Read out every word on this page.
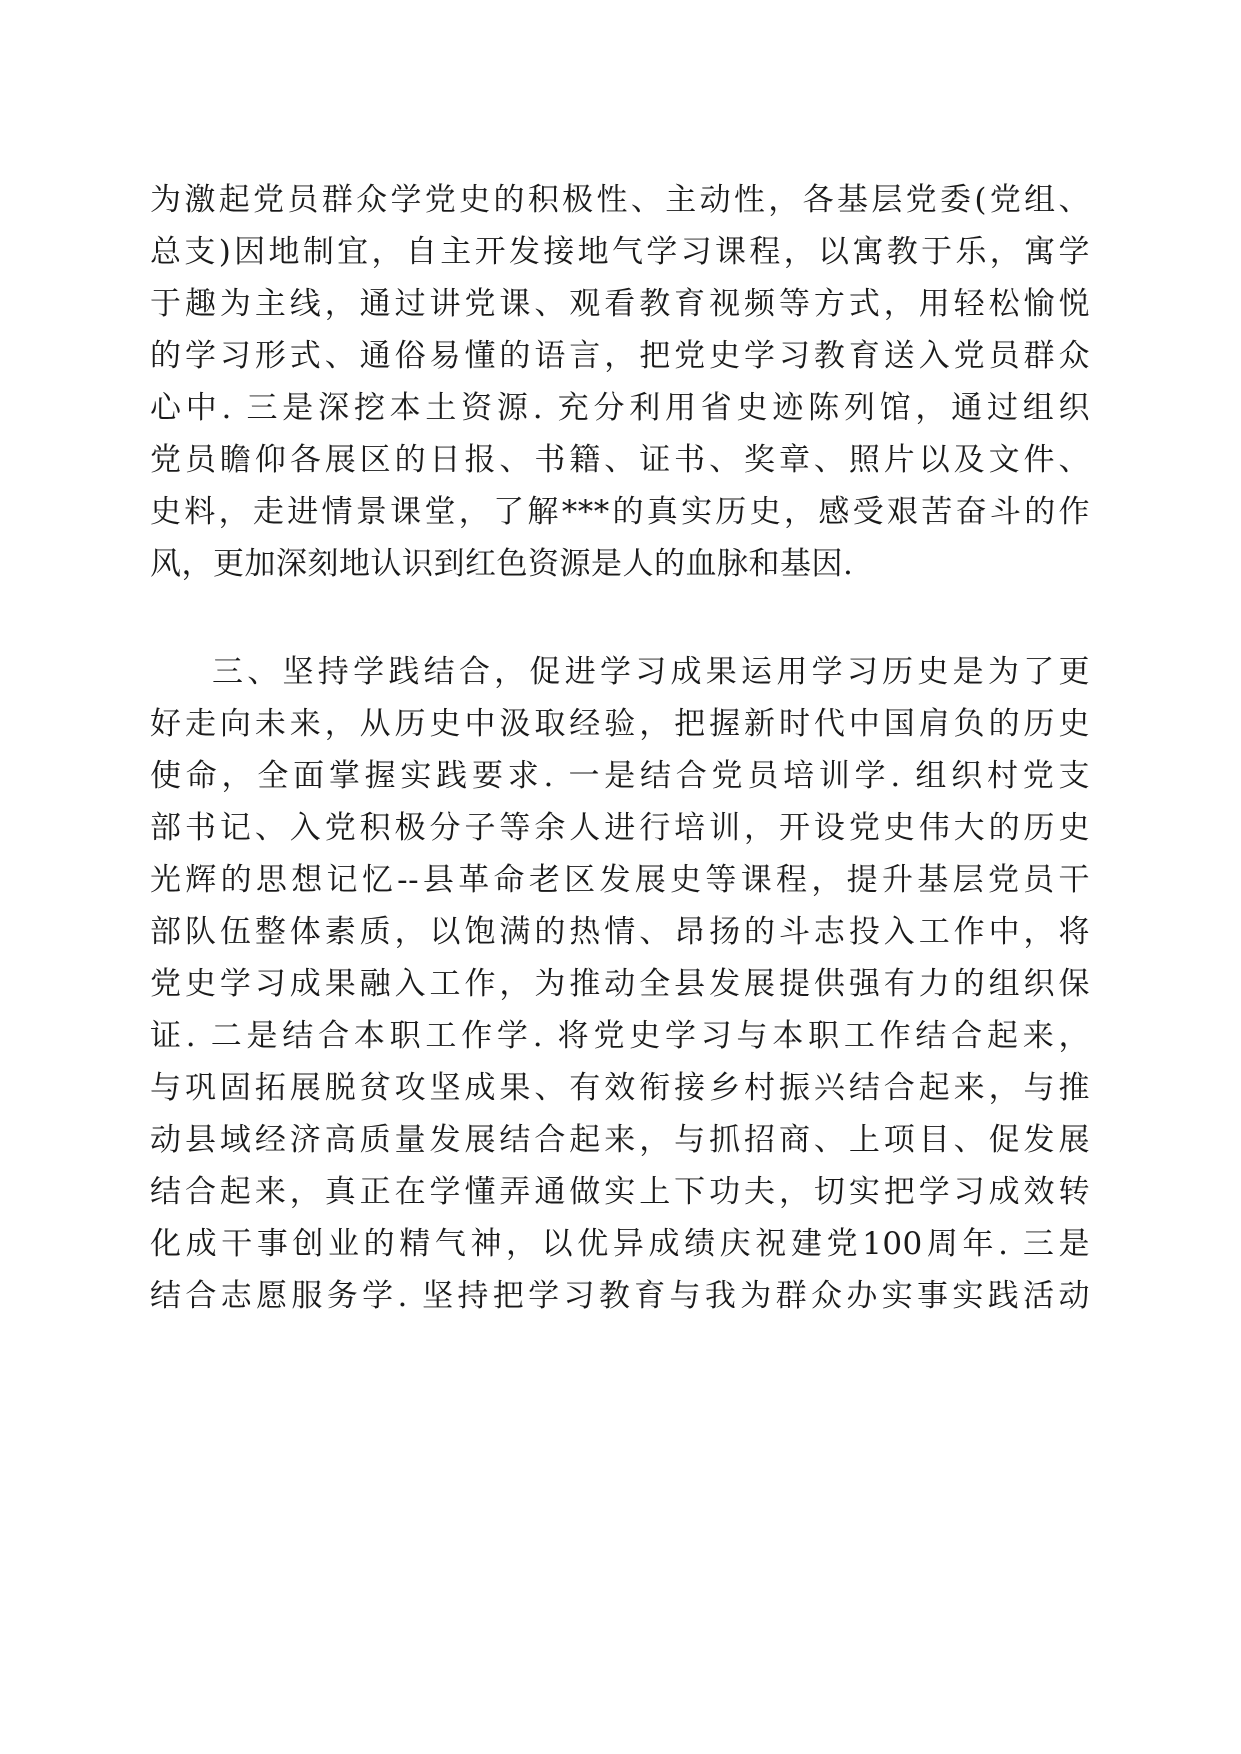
为激起党员群众学党史的积极性、主动性，各基层党委(党组、
总支)因地制宜，自主开发接地气学习课程，以寓教于乐，寓学
于趣为主线，通过讲党课、观看教育视频等方式，用轻松愉悦
的学习形式、通俗易懂的语言，把党史学习教育送入党员群众
心中. 三是深挖本土资源. 充分利用省史迹陈列馆，通过组织
党员瞻仰各展区的日报、书籍、证书、奖章、照片以及文件、
史料，走进情景课堂，了解***的真实历史，感受艰苦奋斗的作
风，更加深刻地认识到红色资源是人的血脉和基因.
三、坚持学践结合，促进学习成果运用学习历史是为了更
好走向未来，从历史中汲取经验，把握新时代中国肩负的历史
使命，全面掌握实践要求. 一是结合党员培训学. 组织村党支
部书记、入党积极分子等余人进行培训，开设党史伟大的历史
光辉的思想记忆--县革命老区发展史等课程，提升基层党员干
部队伍整体素质，以饱满的热情、昂扬的斗志投入工作中，将
党史学习成果融入工作，为推动全县发展提供强有力的组织保
证. 二是结合本职工作学. 将党史学习与本职工作结合起来，
与巩固拓展脱贫攻坚成果、有效衔接乡村振兴结合起来，与推
动县域经济高质量发展结合起来，与抓招商、上项目、促发展
结合起来，真正在学懂弄通做实上下功夫，切实把学习成效转
化成干事创业的精气神，以优异成绩庆祝建党100周年. 三是
结合志愿服务学. 坚持把学习教育与我为群众办实事实践活动
